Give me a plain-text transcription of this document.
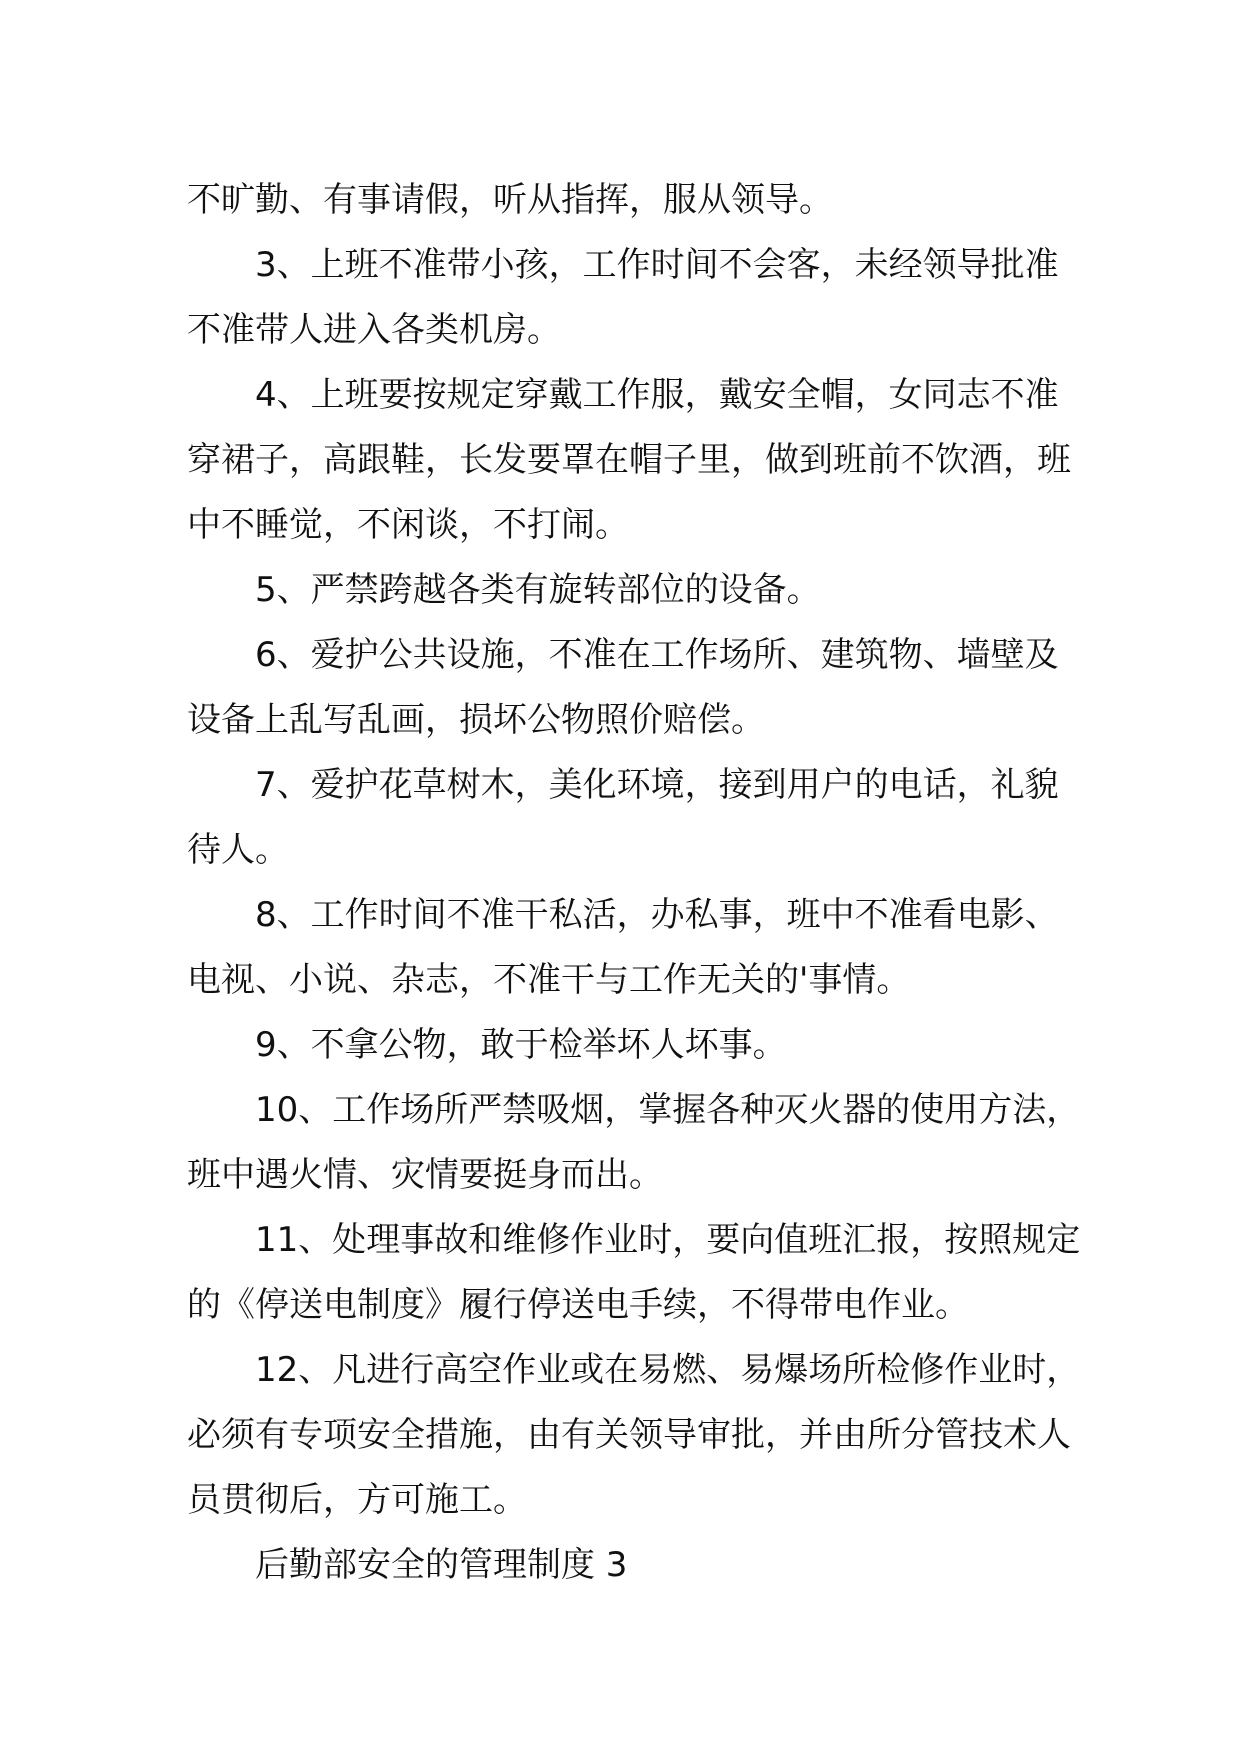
不旷勤、有事请假，听从指挥，服从领导。

3、上班不准带小孩，工作时间不会客，未经领导批准不准带人进入各类机房。

4、上班要按规定穿戴工作服，戴安全帽，女同志不准穿裙子，高跟鞋，长发要罩在帽子里，做到班前不饮酒，班中不睡觉，不闲谈，不打闹。

5、严禁跨越各类有旋转部位的设备。

6、爱护公共设施，不准在工作场所、建筑物、墙壁及设备上乱写乱画，损坏公物照价赔偿。

7、爱护花草树木，美化环境，接到用户的电话，礼貌待人。

8、工作时间不准干私活，办私事，班中不准看电影、电视、小说、杂志，不准干与工作无关的'事情。

9、不拿公物，敢于检举坏人坏事。

10、工作场所严禁吸烟，掌握各种灭火器的使用方法，班中遇火情、灾情要挺身而出。

11、处理事故和维修作业时，要向值班汇报，按照规定的《停送电制度》履行停送电手续，不得带电作业。

12、凡进行高空作业或在易燃、易爆场所检修作业时，必须有专项安全措施，由有关领导审批，并由所分管技术人员贯彻后，方可施工。

后勤部安全的管理制度 3
